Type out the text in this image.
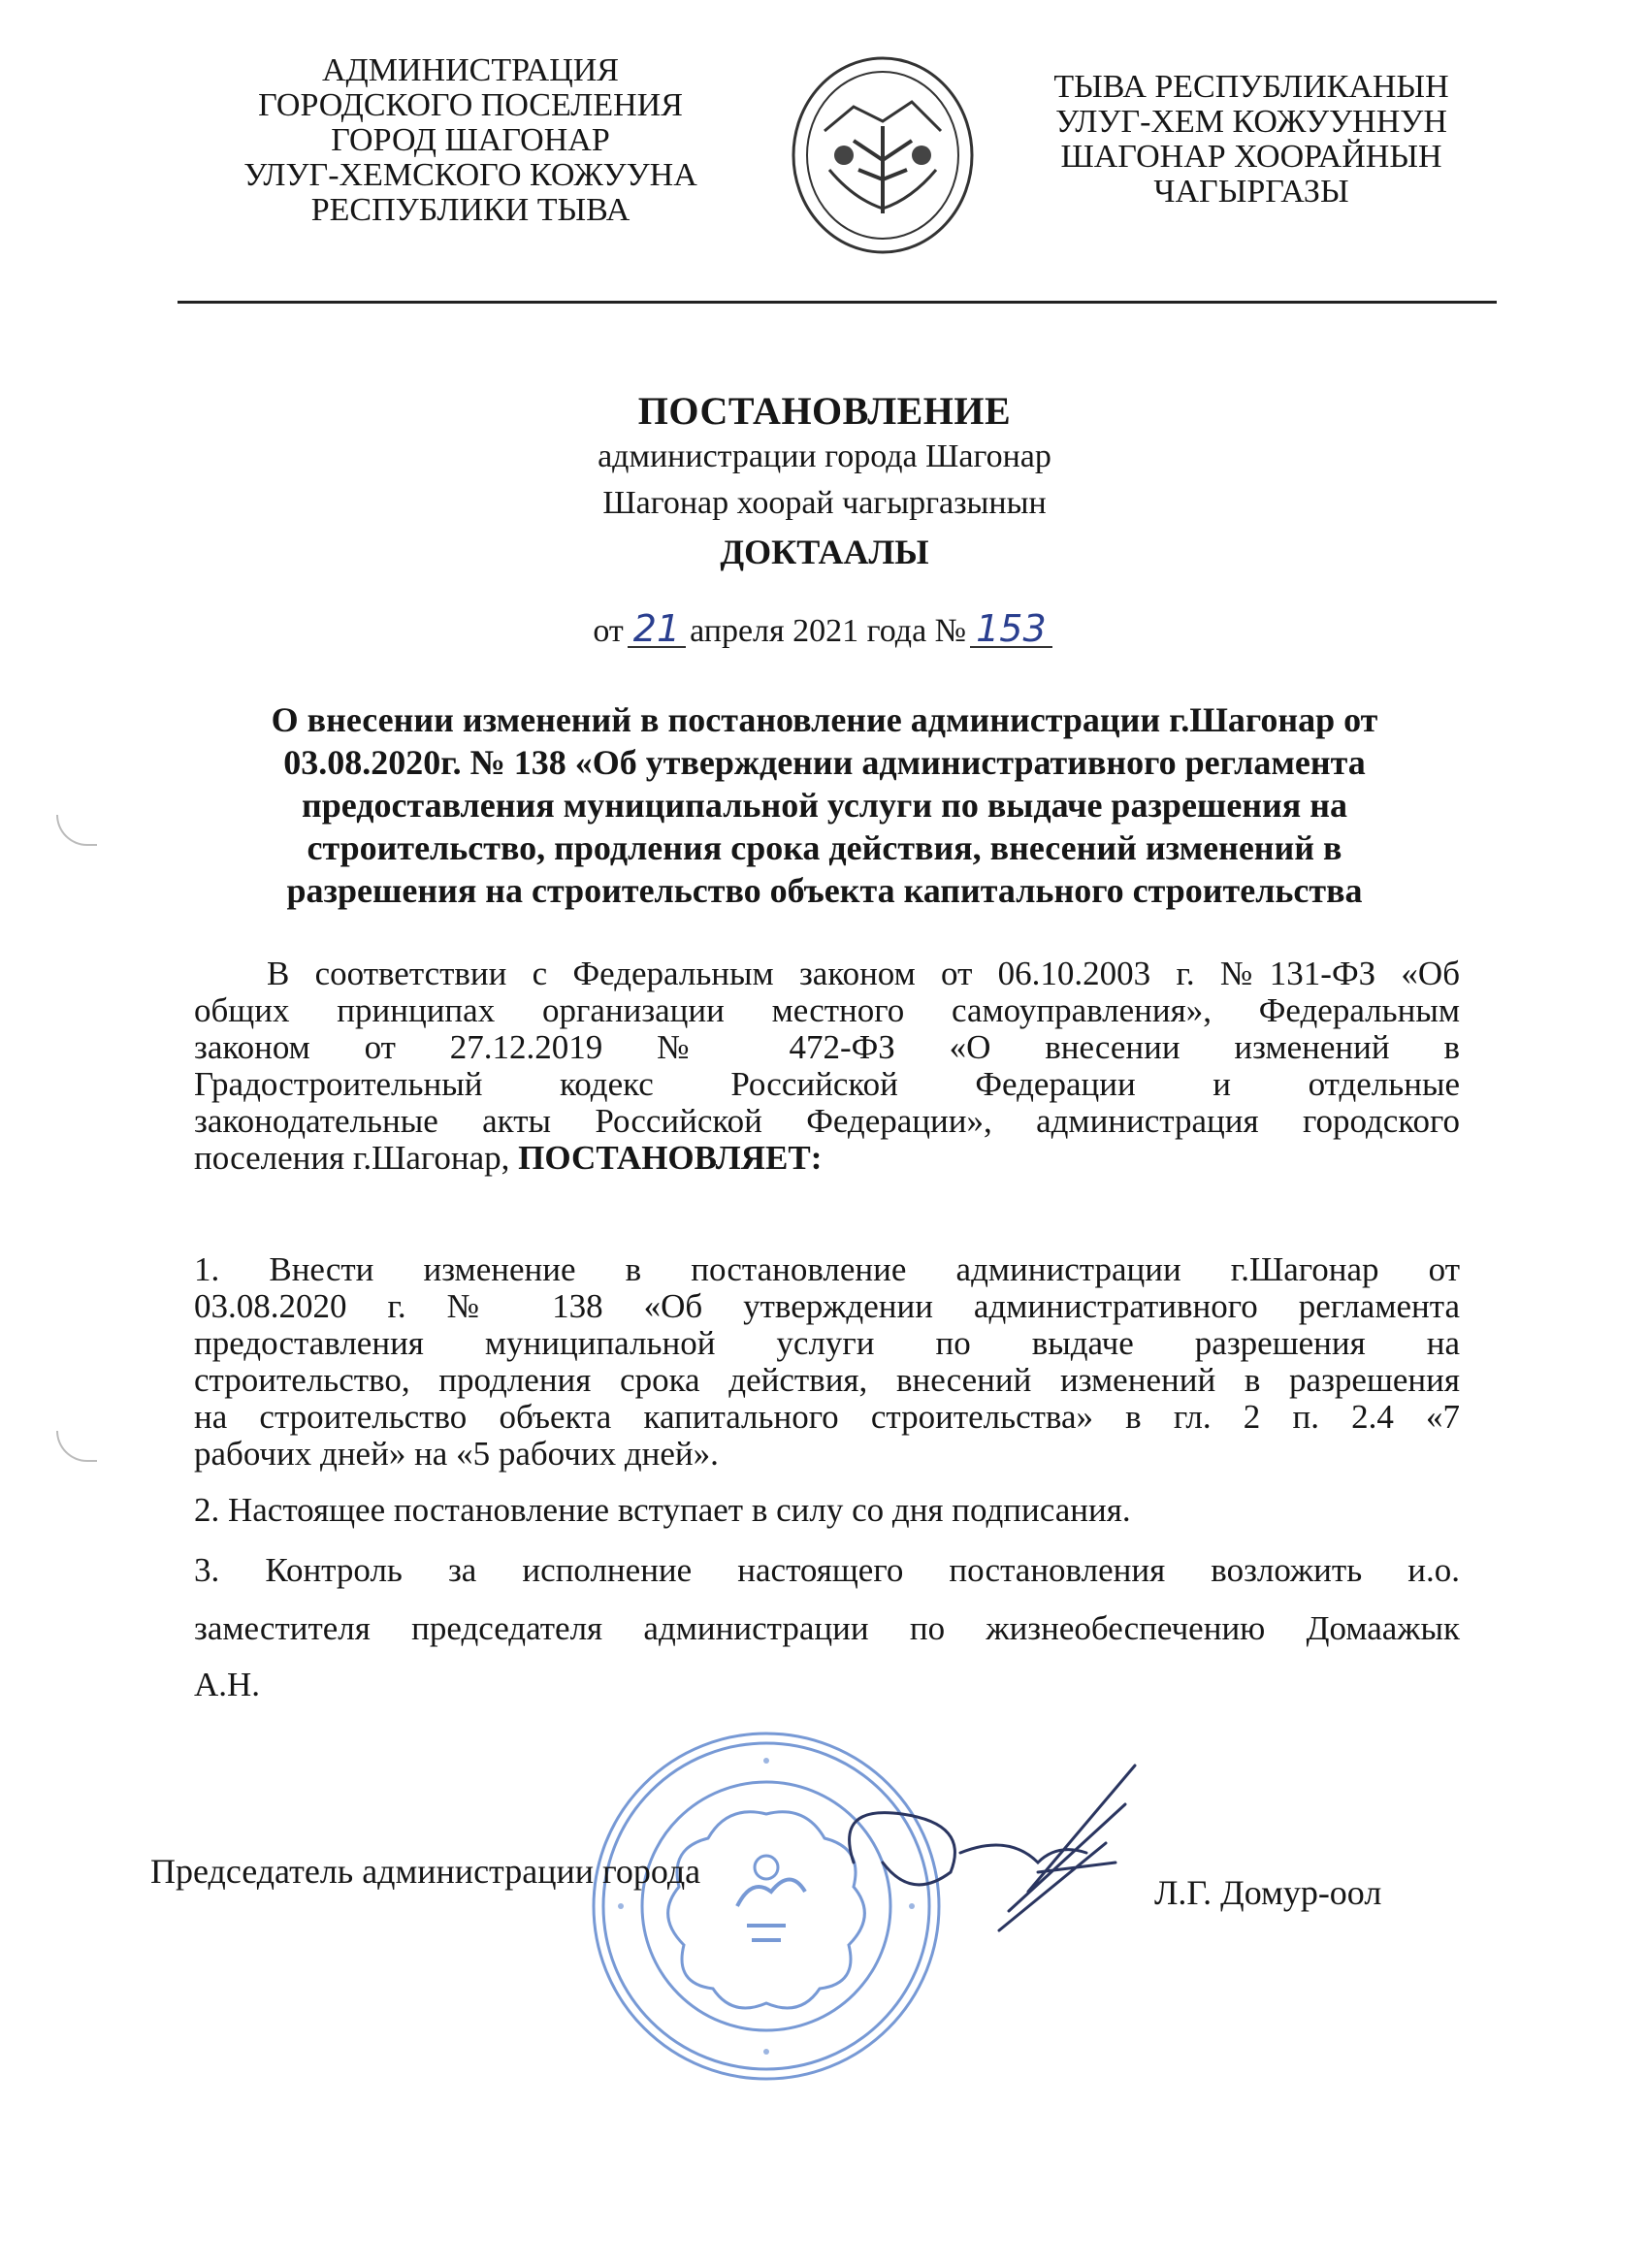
АДМИНИСТРАЦИЯ
ГОРОДСКОГО ПОСЕЛЕНИЯ
ГОРОД ШАГОНАР
УЛУГ-ХЕМСКОГО КОЖУУНА
РЕСПУБЛИКИ ТЫВА
ТЫВА РЕСПУБЛИКАНЫН
УЛУГ-ХЕМ КОЖУУННУН
ШАГОНАР ХООРАЙНЫН
ЧАГЫРГАЗЫ
ПОСТАНОВЛЕНИЕ
администрации города Шагонар
Шагонар хоорай чагыргазынын
ДОКТААЛЫ
от 21 апреля 2021 года № 153
О внесении изменений в постановление администрации г.Шагонар от
03.08.2020г. № 138 «Об утверждении административного регламента
предоставления муниципальной услуги по выдаче разрешения на
строительство, продления срока действия, внесений изменений в
разрешения на строительство объекта капитального строительства
В соответствии с Федеральным законом от 06.10.2003 г. №131-ФЗ «Об
общих принципах организации местного самоуправления», Федеральным
законом от 27.12.2019 № 472-ФЗ «О внесении изменений в
Градостроительный кодекс Российской Федерации и отдельные
законодательные акты Российской Федерации», администрация городского
поселения г.Шагонар, ПОСТАНОВЛЯЕТ:
1. Внести изменение в постановление администрации г.Шагонар от
03.08.2020 г. № 138 «Об утверждении административного регламента
предоставления муниципальной услуги по выдаче разрешения на
строительство, продления срока действия, внесений изменений в разрешения
на строительство объекта капитального строительства» в гл. 2 п. 2.4 «7
рабочих дней» на «5 рабочих дней».
2. Настоящее постановление вступает в силу со дня подписания.
3. Контроль за исполнение настоящего постановления возложить и.о.
заместителя председателя администрации по жизнеобеспечению Домаажык
А.Н.
Председатель администрации города
Л.Г. Домур-оол
